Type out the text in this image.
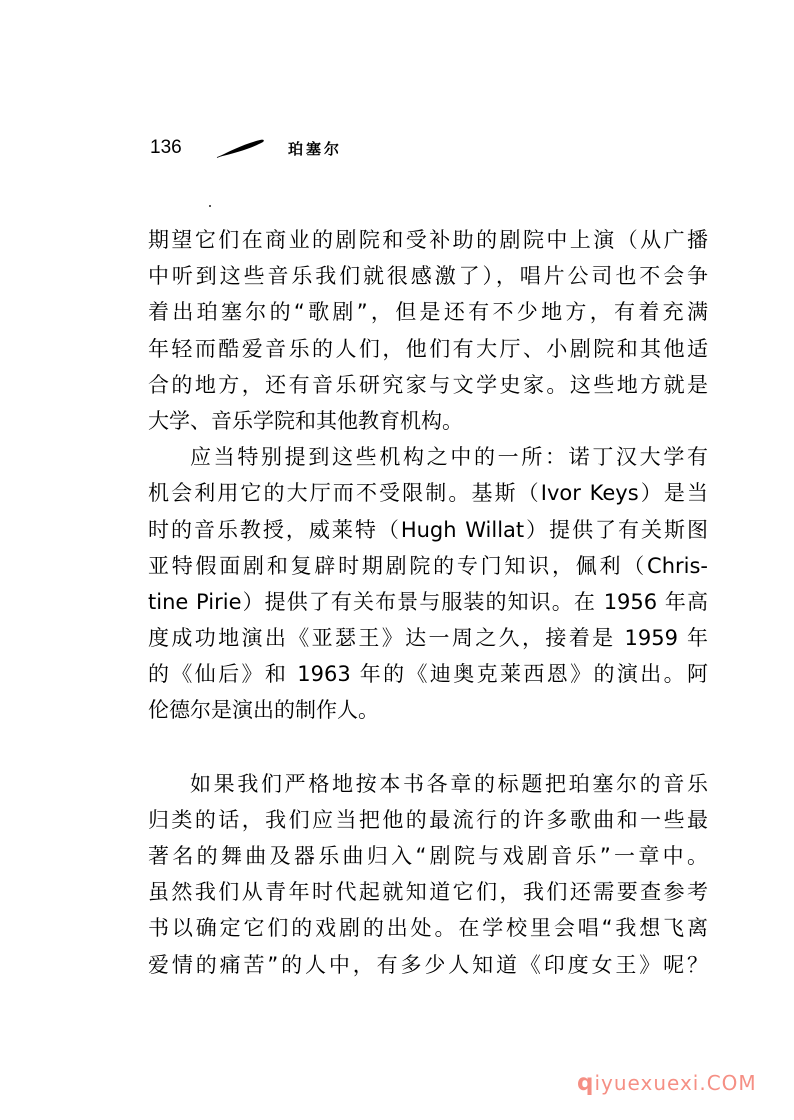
136	珀塞尔
期望它们在商业的剧院和受补助的剧院中上演（从广播
中听到这些音乐我们就很感激了），唱片公司也不会争
着出珀塞尔的“歌剧”，但是还有不少地方，有着充满
年轻而酷爱音乐的人们，他们有大厅、小剧院和其他适
合的地方，还有音乐研究家与文学史家。这些地方就是
大学、音乐学院和其他教育机构。
应当特别提到这些机构之中的一所：诺丁汉大学有
机会利用它的大厅而不受限制。基斯（Ivor Keys）是当
时的音乐教授，威莱特（Hugh Willat）提供了有关斯图
亚特假面剧和复辟时期剧院的专门知识，佩利（Chris-
tine Pirie）提供了有关布景与服装的知识。在 1956 年高
度成功地演出《亚瑟王》达一周之久，接着是 1959 年
的《仙后》和 1963 年的《迪奥克莱西恩》的演出。阿
伦德尔是演出的制作人。
如果我们严格地按本书各章的标题把珀塞尔的音乐
归类的话，我们应当把他的最流行的许多歌曲和一些最
著名的舞曲及器乐曲归入“剧院与戏剧音乐”一章中。
虽然我们从青年时代起就知道它们，我们还需要查参考
书以确定它们的戏剧的出处。在学校里会唱“我想飞离
爱情的痛苦”的人中，有多少人知道《印度女王》呢？
qiyuexuexi.COM
